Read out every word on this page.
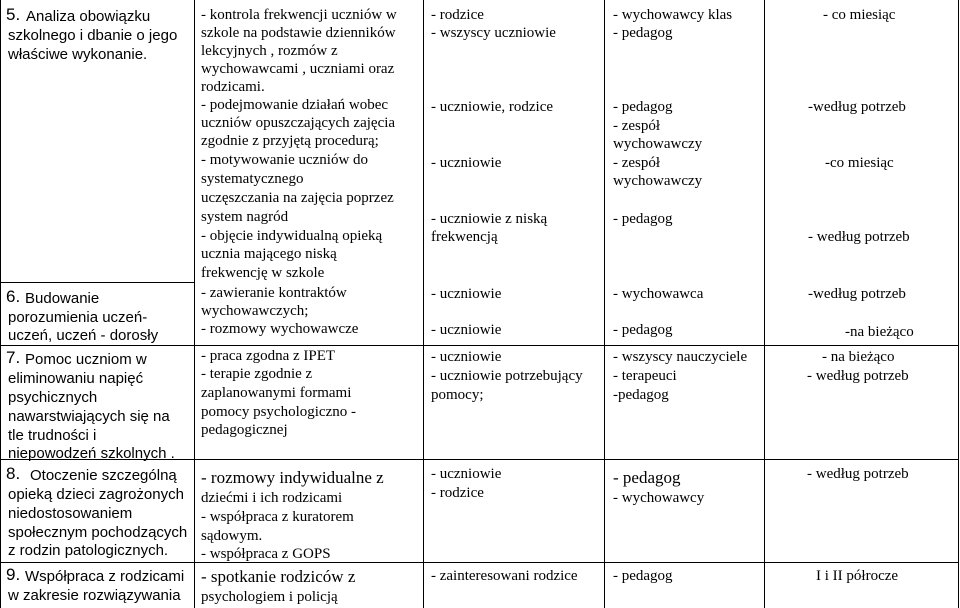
5. Analiza obowiązku
szkolnego i dbanie o jego
właściwe wykonanie.
6. Budowanie
porozumienia uczeń-
uczeń, uczeń - dorosły
7. Pomoc uczniom w
eliminowaniu napięć
psychicznych
nawarstwiających się na
tle trudności i
niepowodzeń szkolnych .
8. Otoczenie szczególną
opieką dzieci zagrożonych
niedostosowaniem
społecznym pochodzących
z rodzin patologicznych.
9. Współpraca z rodzicami
w zakresie rozwiązywania
- kontrola frekwencji uczniów w
szkole na podstawie dzienników
lekcyjnych , rozmów z
wychowawcami , uczniami oraz
rodzicami.
- podejmowanie działań wobec
uczniów opuszczających zajęcia
zgodnie z przyjętą procedurą;
- motywowanie uczniów do
systematycznego
uczęszczania na zajęcia poprzez
system nagród
- objęcie indywidualną opieką
ucznia mającego niską
frekwencję w szkole
- zawieranie kontraktów
wychowawczych;
- rozmowy wychowawcze
- praca zgodna z IPET
- terapie zgodnie z
zaplanowanymi formami
pomocy psychologiczno -
pedagogicznej
- rozmowy indywidualne z
dziećmi i ich rodzicami
- współpraca z kuratorem
sądowym.
- współpraca z GOPS
- spotkanie rodziców z
psychologiem i policją
- rodzice
- wszyscy uczniowie
- uczniowie, rodzice
- uczniowie
- uczniowie z niską
frekwencją
- uczniowie
- uczniowie
- uczniowie
- uczniowie potrzebujący
pomocy;
- uczniowie
- rodzice
- zainteresowani rodzice
- wychowawcy klas
- pedagog
- pedagog
- zespół
wychowawczy
- zespół
wychowawczy
- pedagog
- wychowawca
- pedagog
- wszyscy nauczyciele
- terapeuci
-pedagog
- pedagog
- wychowawcy
- pedagog
- co miesiąc
-według potrzeb
-co miesiąc
- według potrzeb
-według potrzeb
-na bieżąco
- na bieżąco
- według potrzeb
- według potrzeb
I i II półrocze
